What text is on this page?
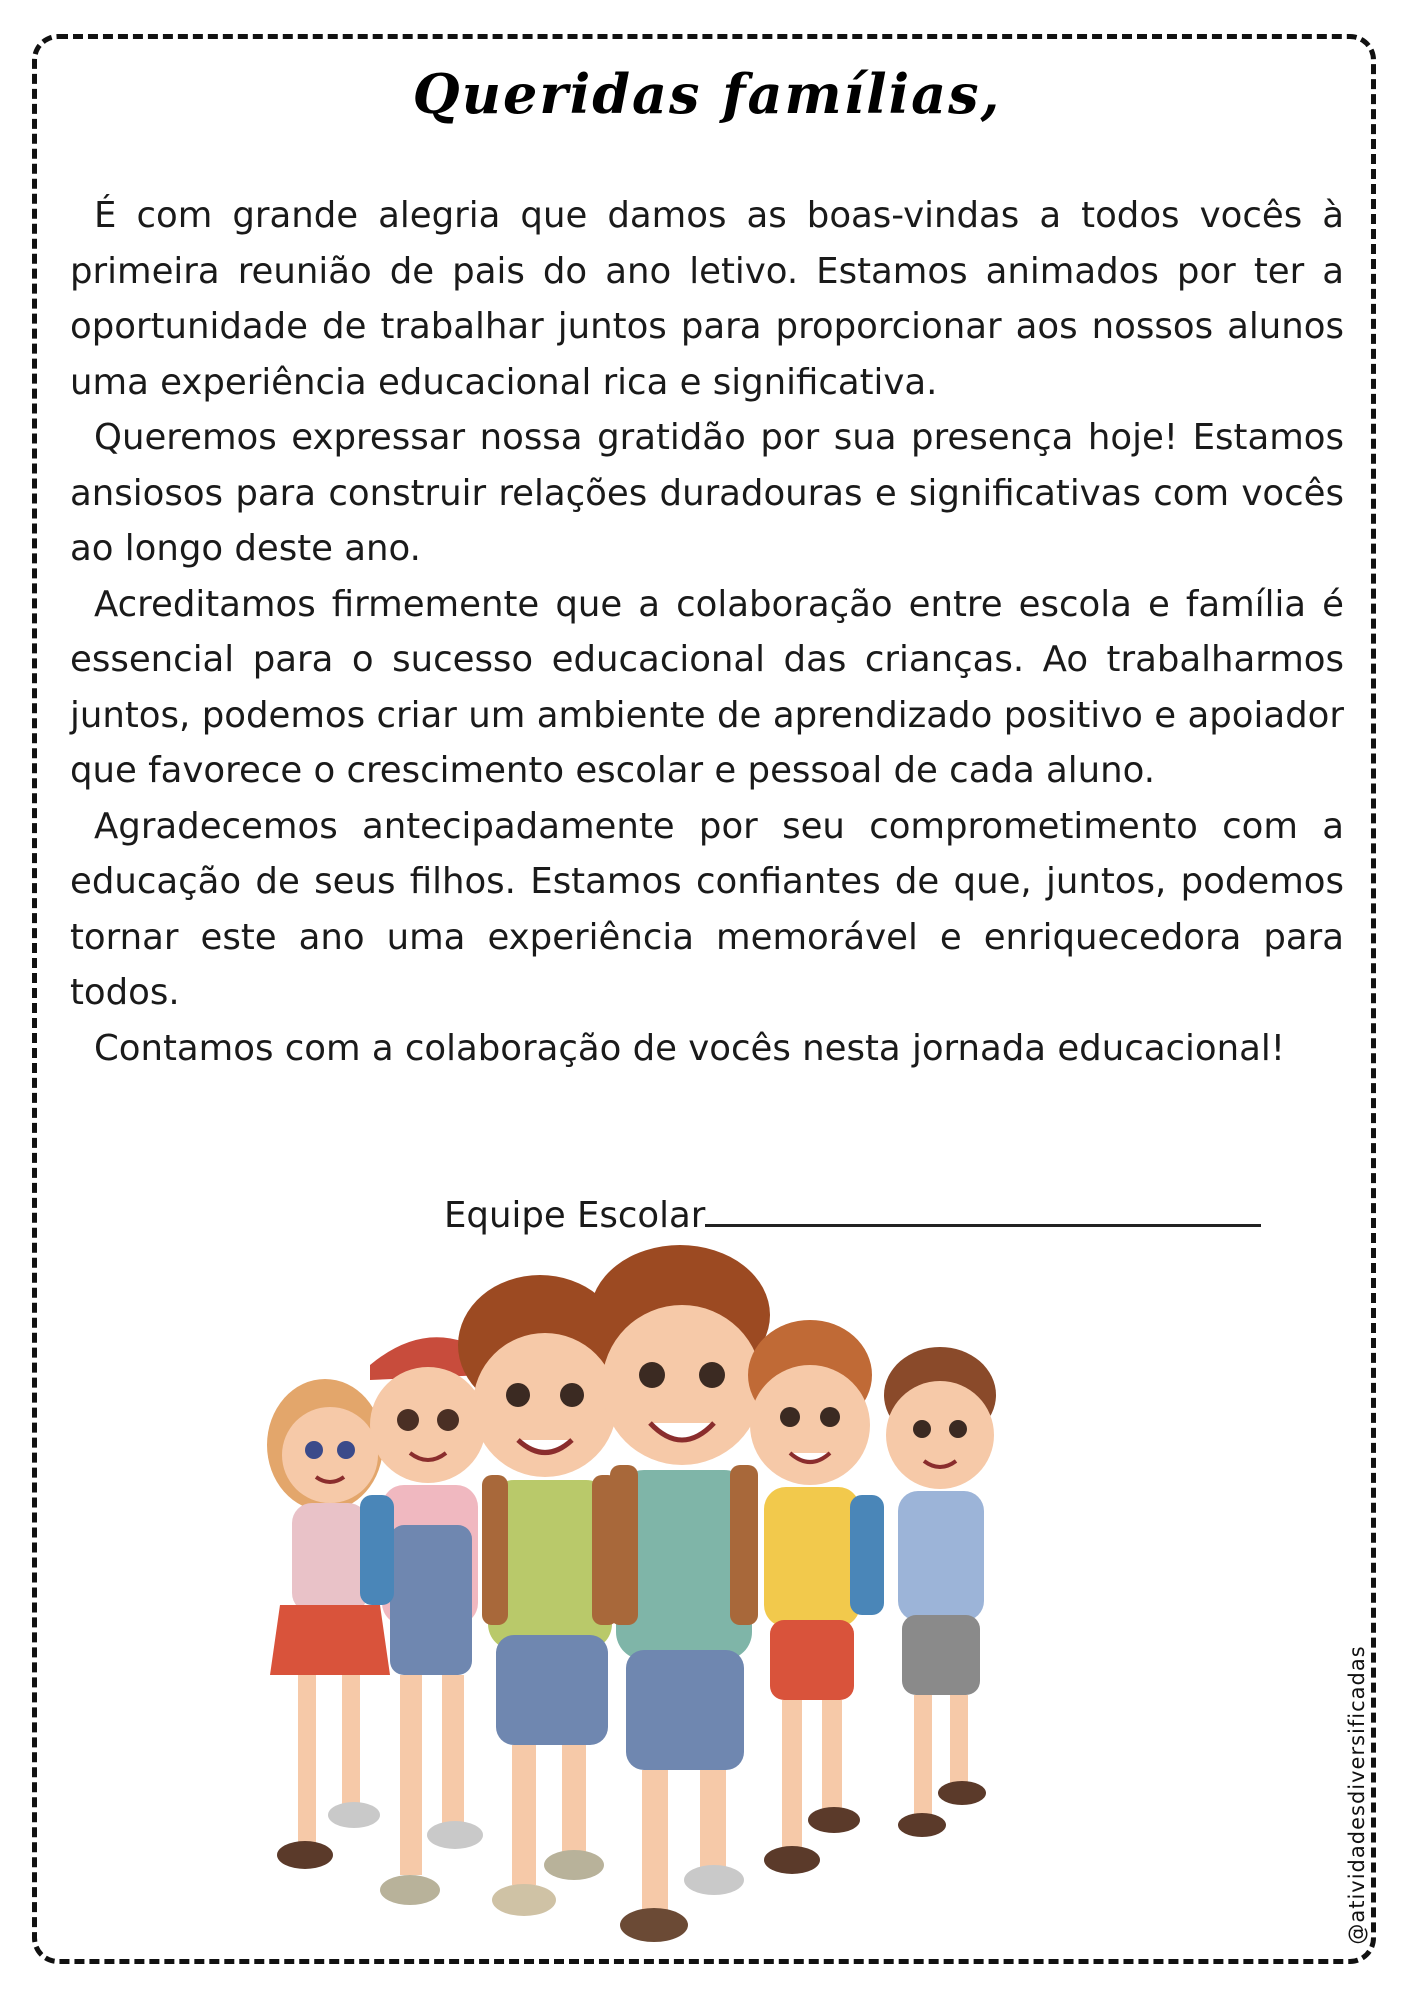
Queridas famílias,

É com grande alegria que damos as boas-vindas a todos vocês à primeira reunião de pais do ano letivo. Estamos animados por ter a oportunidade de trabalhar juntos para proporcionar aos nossos alunos uma experiência educacional rica e significativa.

Queremos expressar nossa gratidão por sua presença hoje! Estamos ansiosos para construir relações duradouras e significativas com vocês ao longo deste ano.

Acreditamos firmemente que a colaboração entre escola e família é essencial para o sucesso educacional das crianças. Ao trabalharmos juntos, podemos criar um ambiente de aprendizado positivo e apoiador que favorece o crescimento escolar e pessoal de cada aluno.

Agradecemos antecipadamente por seu comprometimento com a educação de seus filhos. Estamos confiantes de que, juntos, podemos tornar este ano uma experiência memorável e enriquecedora para todos.

Contamos com a colaboração de vocês nesta jornada educacional!

Equipe Escolar
@atividadesdiversificadas
